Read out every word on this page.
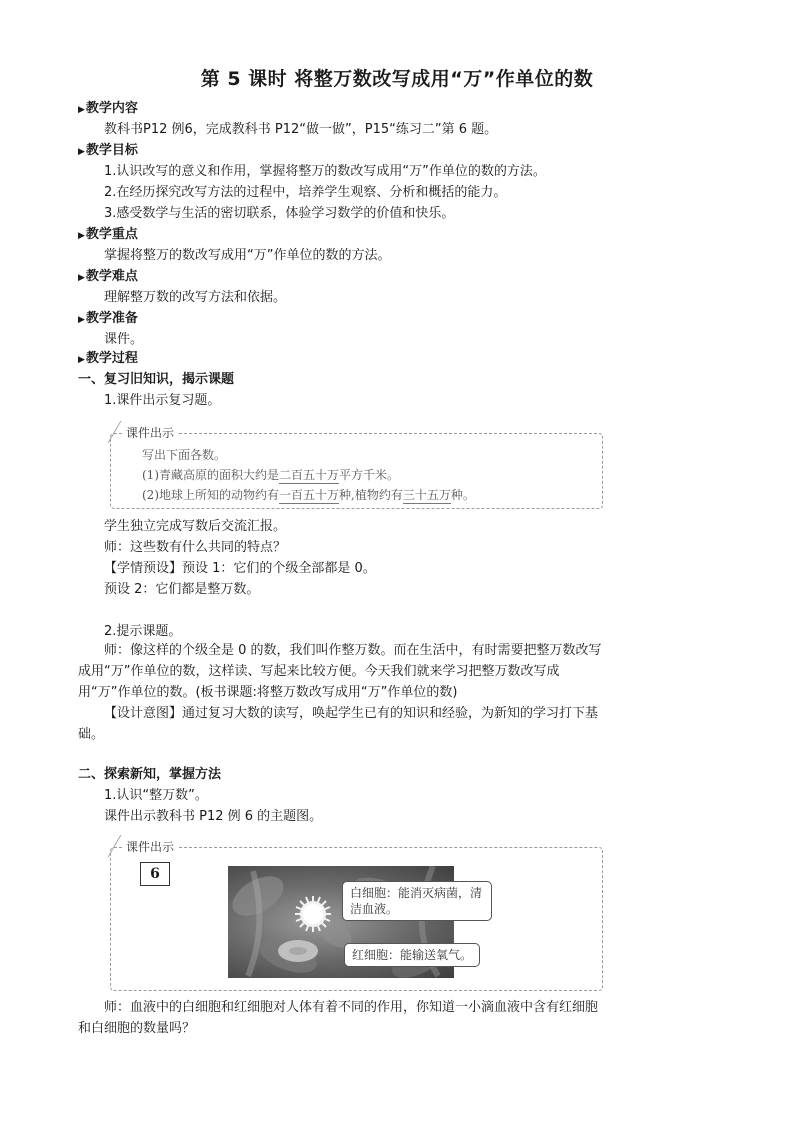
第 5 课时 将整万数改写成用“万”作单位的数
▶教学内容
教科书P12 例6，完成教科书 P12“做一做”，P15“练习二”第 6 题。
▶教学目标
1.认识改写的意义和作用，掌握将整万的数改写成用“万”作单位的数的方法。
2.在经历探究改写方法的过程中，培养学生观察、分析和概括的能力。
3.感受数学与生活的密切联系，体验学习数学的价值和快乐。
▶教学重点
掌握将整万的数改写成用“万”作单位的数的方法。
▶教学难点
理解整万数的改写方法和依据。
▶教学准备
课件。
▶教学过程
一、复习旧知识，揭示课题
1.课件出示复习题。
课件出示
写出下面各数。
(1)青藏高原的面积大约是二百五十万平方千米。
(2)地球上所知的动物约有一百五十万种,植物约有三十五万种。
学生独立完成写数后交流汇报。
师：这些数有什么共同的特点？
【学情预设】预设 1：它们的个级全部都是 0。
预设 2：它们都是整万数。
2.提示课题。
师：像这样的个级全是 0 的数，我们叫作整万数。而在生活中，有时需要把整万数改写成用“万”作单位的数，这样读、写起来比较方便。今天我们就来学习把整万数改写成用“万”作单位的数。(板书课题:将整万数改写成用“万”作单位的数)
【设计意图】通过复习大数的读写，唤起学生已有的知识和经验，为新知的学习打下基础。
二、探索新知，掌握方法
1.认识“整万数”。
课件出示教科书 P12 例 6 的主题图。
课件出示
6
白细胞：能消灭病菌，清洁血液。
红细胞：能输送氧气。
师：血液中的白细胞和红细胞对人体有着不同的作用，你知道一小滴血液中含有红细胞和白细胞的数量吗？
